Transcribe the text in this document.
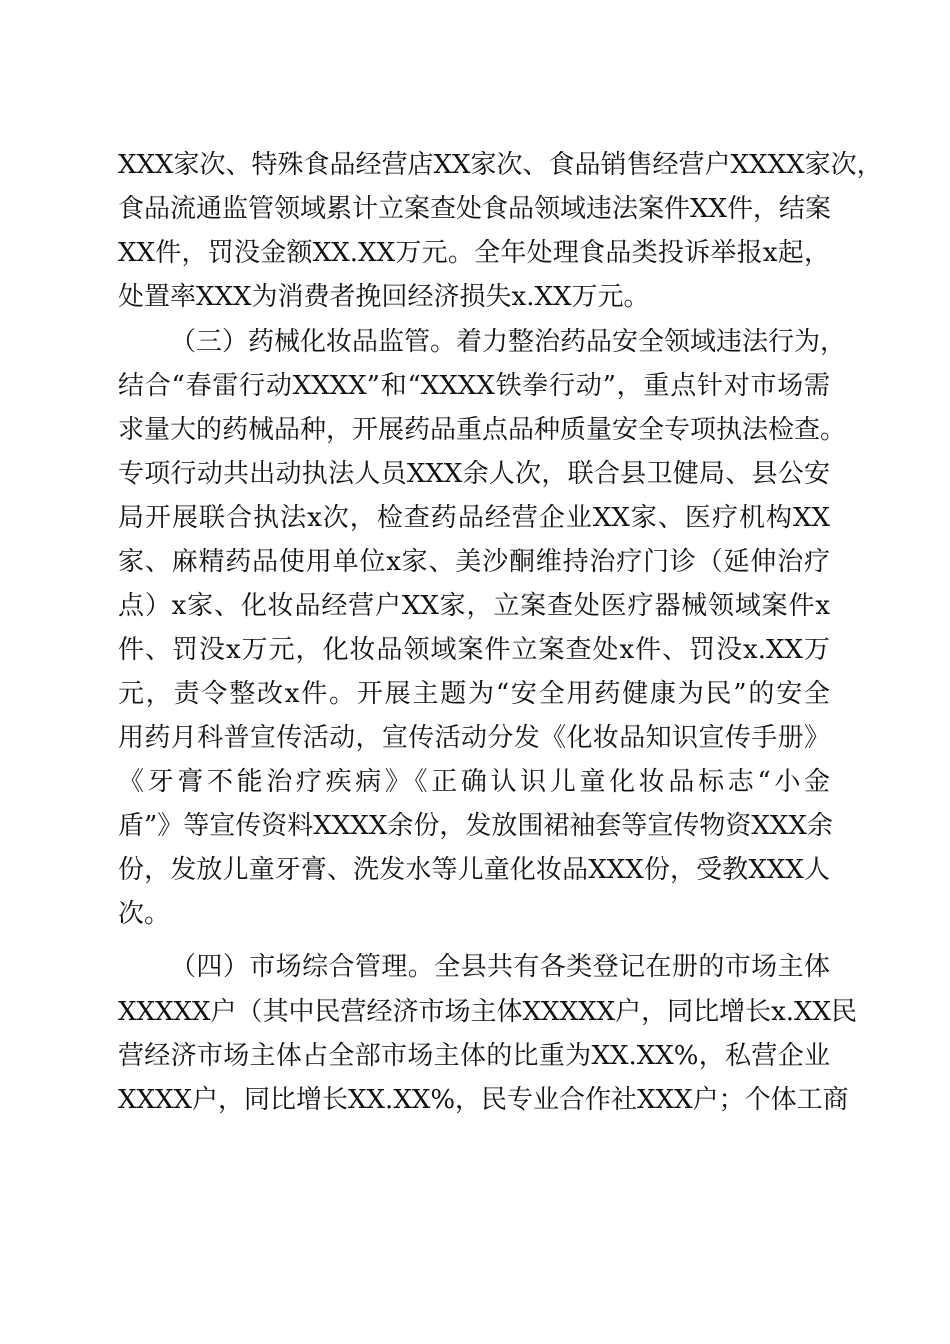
XXX家次、特殊食品经营店XX家次、食品销售经营户XXXX家次，
食品流通监管领域累计立案查处食品领域违法案件XX件，结案
XX件，罚没金额XX.XX万元。全年处理食品类投诉举报x起，
处置率XXX为消费者挽回经济损失x.XX万元。
（三）药械化妆品监管。着力整治药品安全领域违法行为，
结合“春雷行动XXXX”和“XXXX铁拳行动”，重点针对市场需
求量大的药械品种，开展药品重点品种质量安全专项执法检查。
专项行动共出动执法人员XXX余人次，联合县卫健局、县公安
局开展联合执法x次，检查药品经营企业XX家、医疗机构XX
家、麻精药品使用单位x家、美沙酮维持治疗门诊（延伸治疗
点）x家、化妆品经营户XX家，立案查处医疗器械领域案件x
件、罚没x万元，化妆品领域案件立案查处x件、罚没x.XX万
元，责令整改x件。开展主题为“安全用药健康为民”的安全
用药月科普宣传活动，宣传活动分发《化妆品知识宣传手册》
《牙膏不能治疗疾病》《正确认识儿童化妆品标志“小金
盾”》等宣传资料XXXX余份，发放围裙袖套等宣传物资XXX余
份，发放儿童牙膏、洗发水等儿童化妆品XXX份，受教XXX人
次。
（四）市场综合管理。全县共有各类登记在册的市场主体
XXXXX户（其中民营经济市场主体XXXXX户，同比增长x.XX民
营经济市场主体占全部市场主体的比重为XX.XX%，私营企业
XXXX户，同比增长XX.XX%，民专业合作社XXX户；个体工商
